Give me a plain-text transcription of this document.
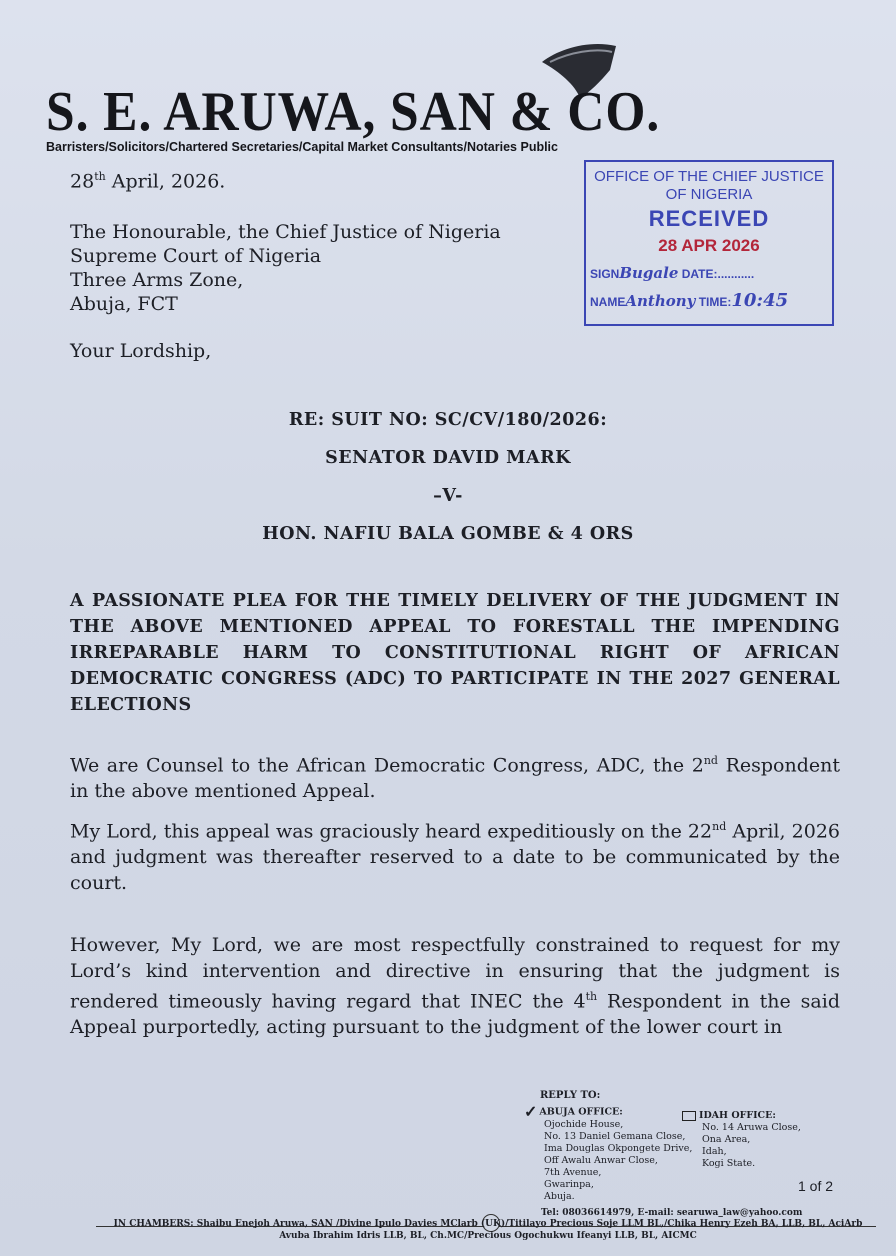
S. E. ARUWA, SAN & CO.
Barristers/Solicitors/Chartered Secretaries/Capital Market Consultants/Notaries Public
28th April, 2026.
The Honourable, the Chief Justice of Nigeria
Supreme Court of Nigeria
Three Arms Zone,
Abuja, FCT
Your Lordship,
OFFICE OF THE CHIEF JUSTICE
OF NIGERIA
RECEIVED
28 APR 2026
SIGNBugale DATE:...........
NAMEAnthony TIME:10:45
RE: SUIT NO: SC/CV/180/2026:
SENATOR DAVID MARK
–V-
HON. NAFIU BALA GOMBE & 4 ORS
A PASSIONATE PLEA FOR THE TIMELY DELIVERY OF THE JUDGMENT IN THE ABOVE MENTIONED APPEAL TO FORESTALL THE IMPENDING IRREPARABLE HARM TO CONSTITUTIONAL RIGHT OF AFRICAN DEMOCRATIC CONGRESS (ADC) TO PARTICIPATE IN THE 2027 GENERAL ELECTIONS
We are Counsel to the African Democratic Congress, ADC, the 2nd Respondent in the above mentioned Appeal.
My Lord, this appeal was graciously heard expeditiously on the 22nd April, 2026 and judgment was thereafter reserved to a date to be communicated by the court.
However, My Lord, we are most respectfully constrained to request for my Lord’s kind intervention and directive in ensuring that the judgment is rendered timeously having regard that INEC the 4th Respondent in the said Appeal purportedly, acting pursuant to the judgment of the lower court in
REPLY TO:
✓ ABUJA OFFICE:
Ojochide House,
No. 13 Daniel Gemana Close,
Ima Douglas Okpongete Drive,
Off Awalu Anwar Close,
7th Avenue,
Gwarinpa,
Abuja.
IDAH OFFICE:
No. 14 Aruwa Close,
Ona Area,
Idah,
Kogi State.
1 of 2
Tel: 08036614979, E-mail: searuwa_law@yahoo.com
IN CHAMBERS: Shaibu Enejoh Aruwa, SAN /Divine Ipulo Davies MClarb (UK)/Titilayo Precious Soje LLM BL,/Chika Henry Ezeh BA, LLB, BL, AciArb
Avuba Ibrahim Idris LLB, BL, Ch.MC/Precious Ogochukwu Ifeanyi LLB, BL, AICMC
